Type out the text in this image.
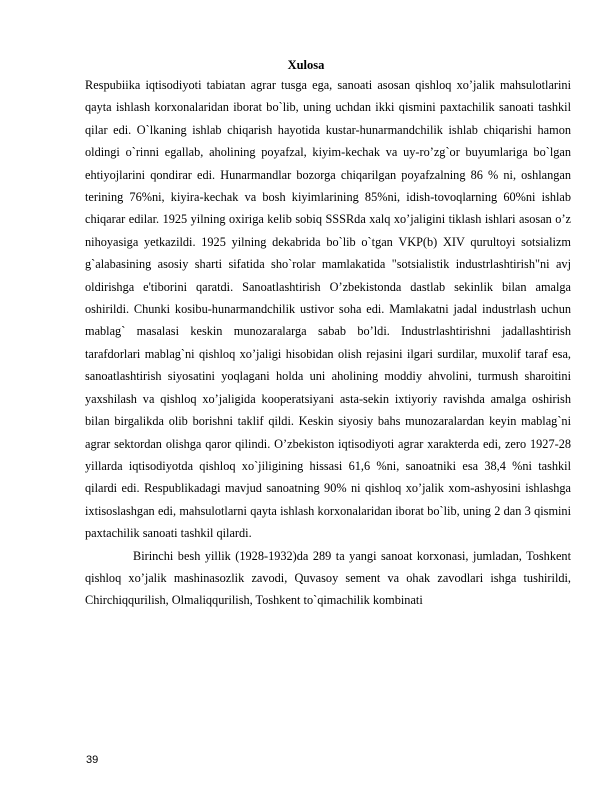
Xulosa

Respubiika iqtisodiyoti tabiatan agrar tusga ega, sanoati asosan qishloq xo’jalik mahsulotlarini qayta ishlash korxonalaridan iborat bo`lib, uning uchdan ikki qismini paxtachilik sanoati tashkil qilar edi. O`lkaning ishlab chiqarish hayotida kustar-hunarmandchilik ishlab chiqarishi hamon oldingi o`rinni egallab, aholining poyafzal, kiyim-kechak va uy-ro’zg`or buyumlariga bo`lgan ehtiyojlarini qondirar edi. Hunarmandlar bozorga chiqarilgan poyafzalning 86 % ni, oshlangan terining 76%ni, kiyira-kechak va bosh kiyimlarining 85%ni, idish-tovoqlarning 60%ni ishlab chiqarar edilar. 1925 yilning oxiriga kelib sobiq SSSRda xalq xo’jaligini tiklash ishlari asosan o’z nihoyasiga yetkazildi. 1925 yilning dekabrida bo`lib o`tgan VKP(b) XIV qurultoyi sotsializm g`alabasining asosiy sharti sifatida sho`rolar mamlakatida "sotsialistik industrlashtirish"ni avj oldirishga e'tiborini qaratdi. Sanoatlashtirish O’zbekistonda dastlab sekinlik bilan amalga oshirildi. Chunki kosibu-hunarmandchilik ustivor soha edi. Mamlakatni jadal industrlash uchun mablag` masalasi keskin munozaralarga sabab bo’ldi. Industrlashtirishni jadallashtirish tarafdorlari mablag`ni qishloq xo’jaligi hisobidan olish rejasini ilgari surdilar, muxolif taraf esa, sanoatlashtirish siyosatini yoqlagani holda uni aholining moddiy ahvolini, turmush sharoitini yaxshilash va qishloq xo’jaligida kooperatsiyani asta-sekin ixtiyoriy ravishda amalga oshirish bilan birgalikda olib borishni taklif qildi. Keskin siyosiy bahs munozaralardan keyin mablag`ni agrar sektordan olishga qaror qilindi. O’zbekiston iqtisodiyoti agrar xarakterda edi, zero 1927-28 yillarda iqtisodiyotda qishloq xo`jiligining hissasi 61,6 %ni, sanoatniki esa 38,4 %ni tashkil qilardi edi. Respublikadagi mavjud sanoatning 90% ni qishloq xo’jalik xom-ashyosini ishlashga ixtisoslashgan edi, mahsulotlarni qayta ishlash korxonalaridan iborat bo`lib, uning 2 dan 3 qismini paxtachilik sanoati tashkil qilardi.

Birinchi besh yillik (1928-1932)da 289 ta yangi sanoat korxonasi, jumladan, Toshkent qishloq xo’jalik mashinasozlik zavodi, Quvasoy sement va ohak zavodlari ishga tushirildi, Chirchiqqurilish, Olmaliqqurilish, Toshkent to`qimachilik kombinati

39
